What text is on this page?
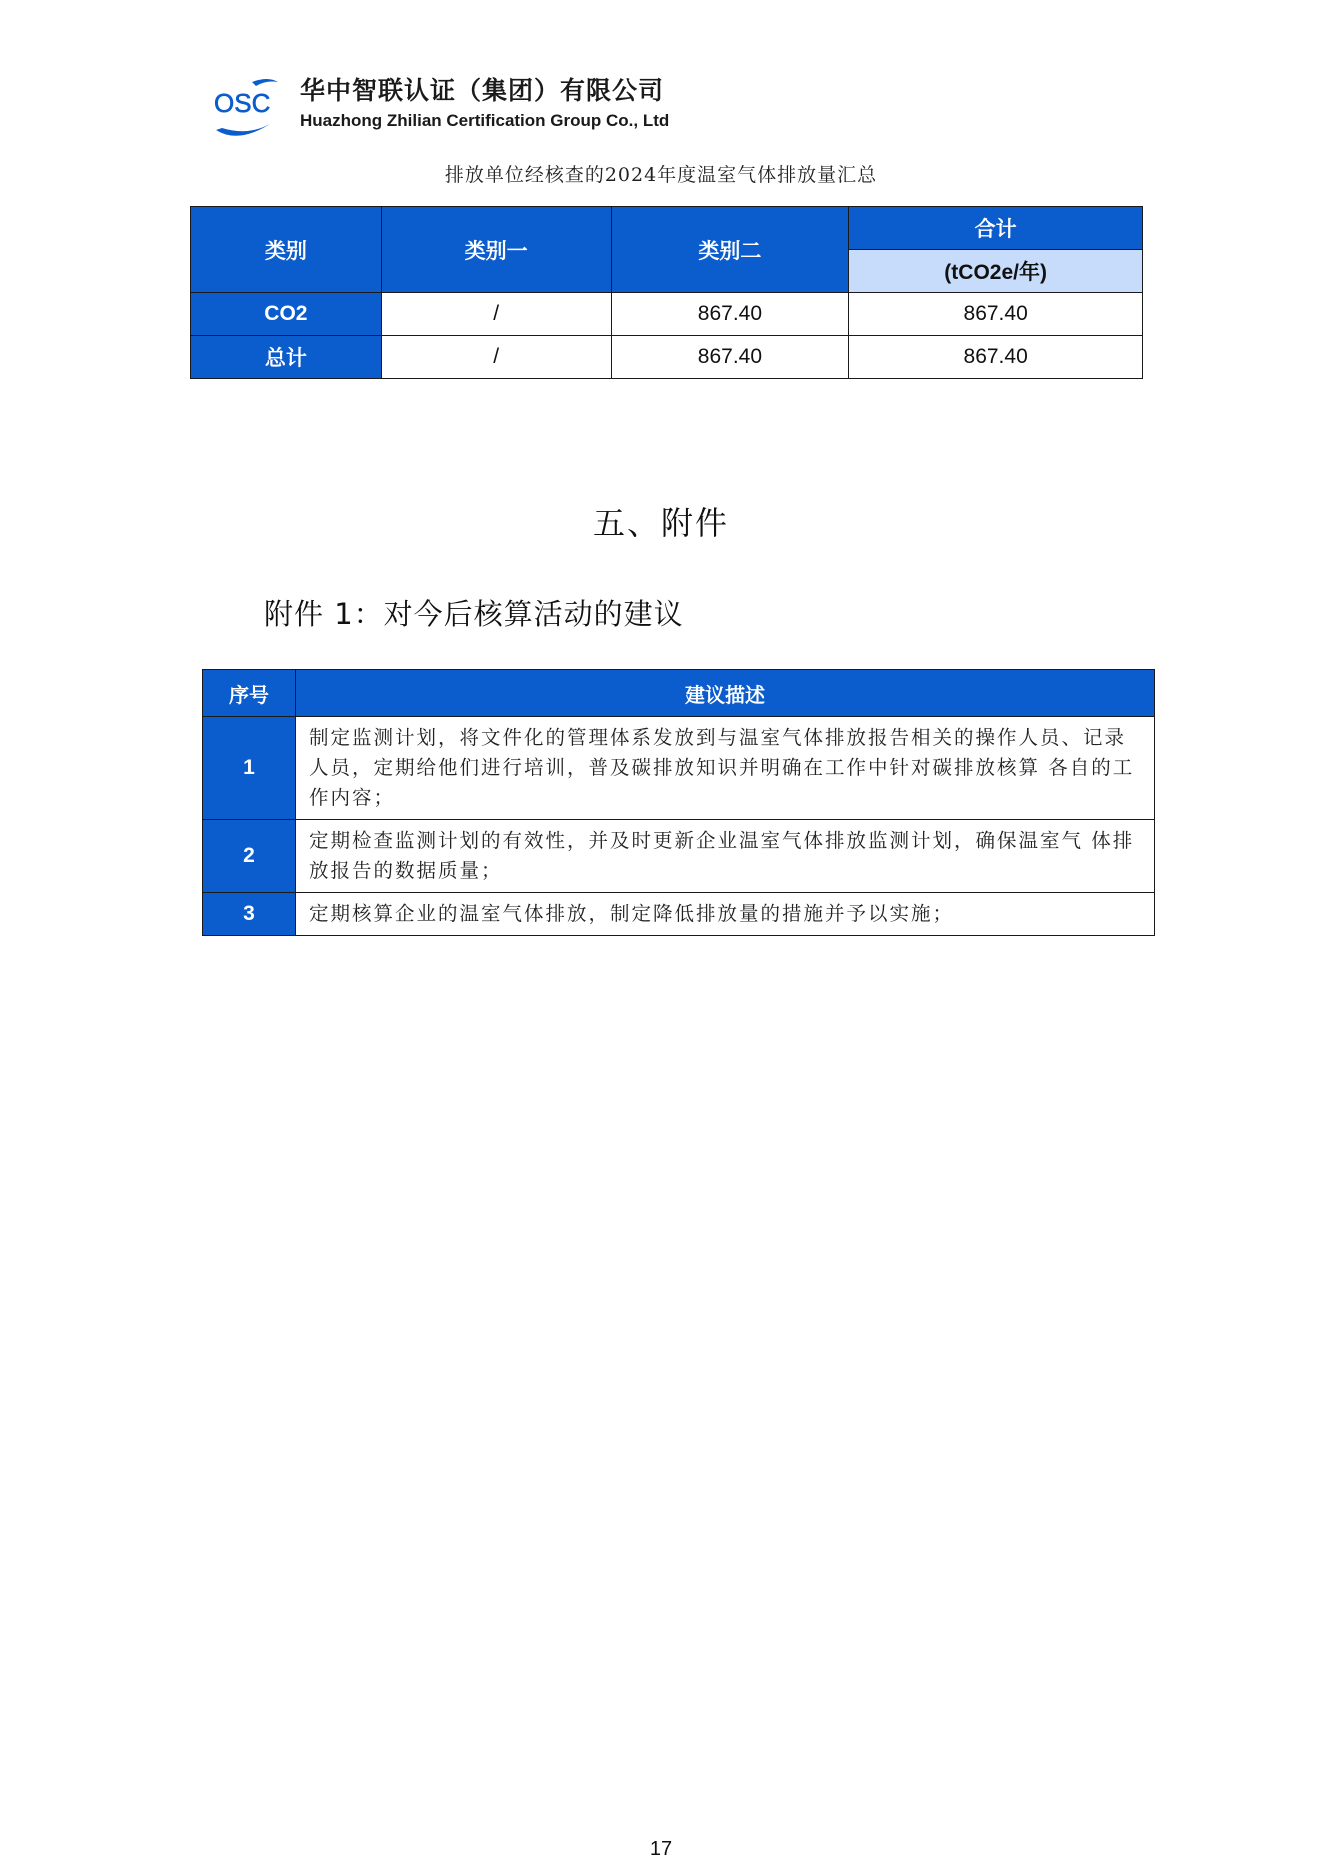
OSC 华中智联认证（集团）有限公司
Huazhong Zhilian Certification Group Co., Ltd
排放单位经核查的2024年度温室气体排放量汇总
类别	类别一	类别二	合计
			(tCO2e/年)
CO2	/	867.40	867.40
总计	/	867.40	867.40
五、附件
附件 1：对今后核算活动的建议
序号	建议描述
1	制定监测计划，将文件化的管理体系发放到与温室气体排放报告相关的操作人员、记录人员，定期给他们进行培训，普及碳排放知识并明确在工作中针对碳排放核算 各自的工作内容；
2	定期检查监测计划的有效性，并及时更新企业温室气体排放监测计划，确保温室气 体排放报告的数据质量；
3	定期核算企业的温室气体排放，制定降低排放量的措施并予以实施；
17
